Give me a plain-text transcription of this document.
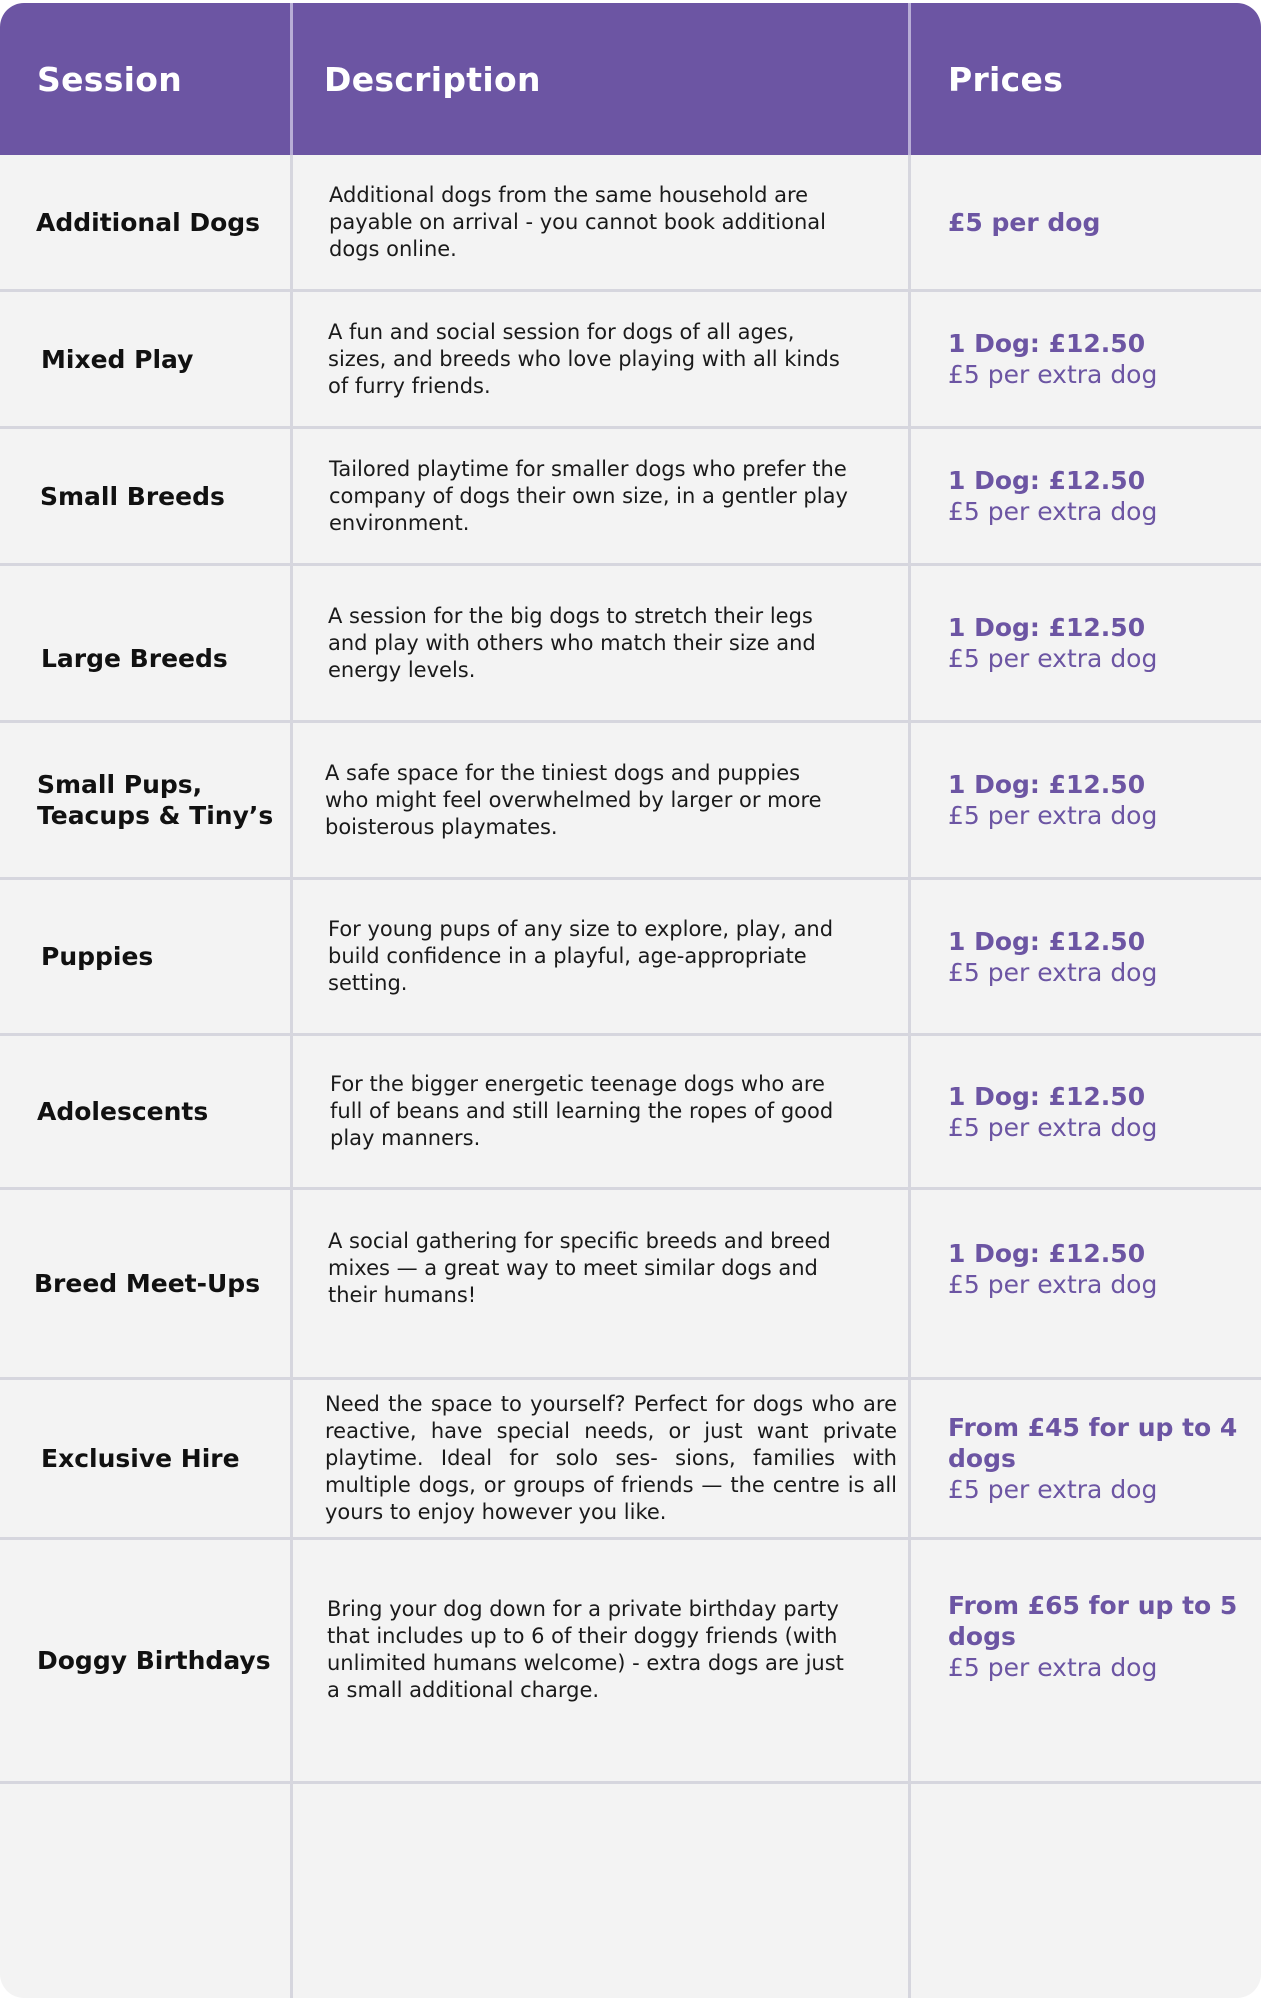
Session	Description	Prices
Additional Dogs
Additional dogs from the same household are payable on arrival - you cannot book additional dogs online.
£5 per dog
Mixed Play
A fun and social session for dogs of all ages, sizes, and breeds who love playing with all kinds of furry friends.
1 Dog: £12.50
£5 per extra dog
Small Breeds
Tailored playtime for smaller dogs who prefer the company of dogs their own size, in a gentler play environment.
1 Dog: £12.50
£5 per extra dog
Large Breeds
A session for the big dogs to stretch their legs and play with others who match their size and energy levels.
1 Dog: £12.50
£5 per extra dog
Small Pups, Teacups & Tiny’s
A safe space for the tiniest dogs and puppies who might feel overwhelmed by larger or more boisterous playmates.
1 Dog: £12.50
£5 per extra dog
Puppies
For young pups of any size to explore, play, and build confidence in a playful, age-appropriate setting.
1 Dog: £12.50
£5 per extra dog
Adolescents
For the bigger energetic teenage dogs who are full of beans and still learning the ropes of good play manners.
1 Dog: £12.50
£5 per extra dog
Breed Meet-Ups
A social gathering for specific breeds and breed mixes — a great way to meet similar dogs and their humans!
1 Dog: £12.50
£5 per extra dog
Exclusive Hire
Need the space to yourself? Perfect for dogs who are reactive, have special needs, or just want private playtime. Ideal for solo ses- sions, families with multiple dogs, or groups of friends — the centre is all yours to enjoy however you like.
From £45 for up to 4 dogs
£5 per extra dog
Doggy Birthdays
Bring your dog down for a private birthday party that includes up to 6 of their doggy friends (with unlimited humans welcome) - extra dogs are just a small additional charge.
From £65 for up to 5 dogs
£5 per extra dog
